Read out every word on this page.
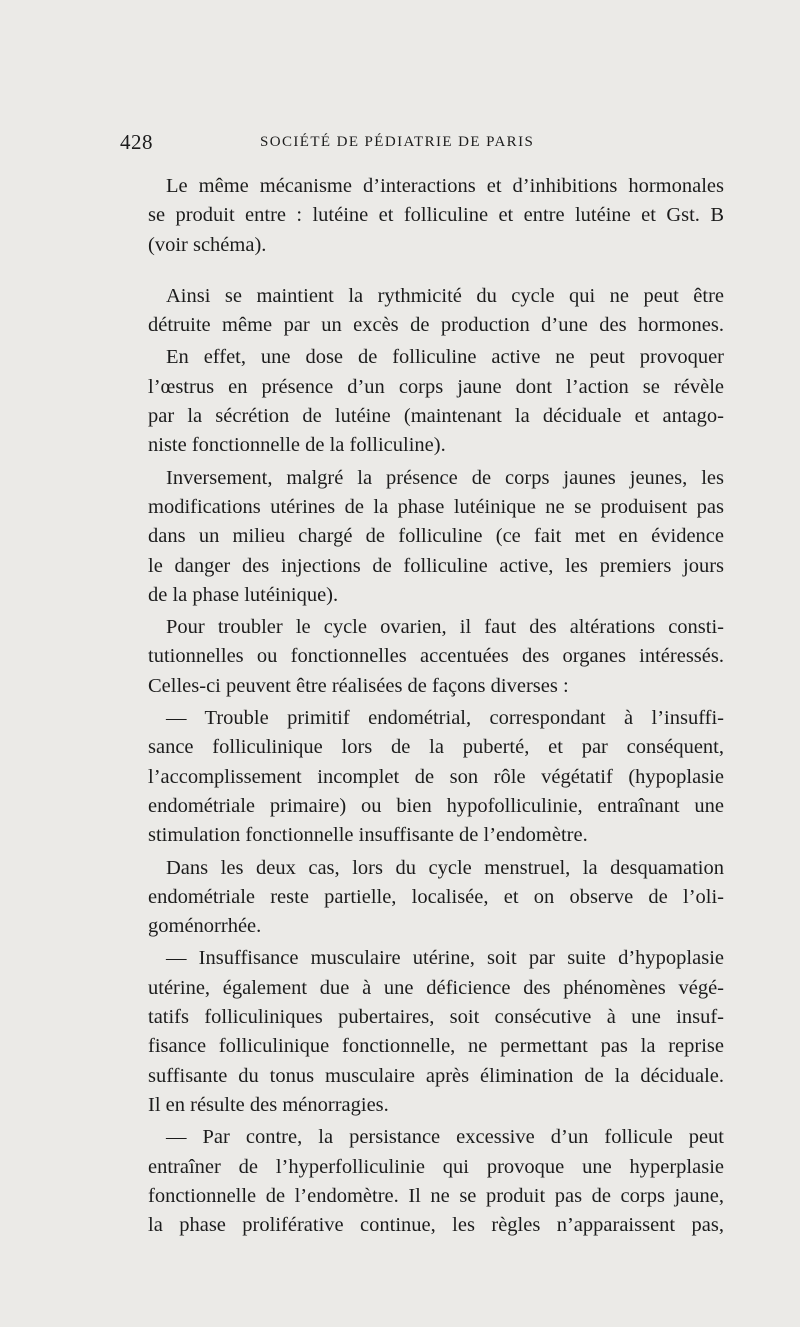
428	SOCIÉTÉ DE PÉDIATRIE DE PARIS

Le même mécanisme d’interactions et d’inhibitions hormonales
se produit entre : lutéine et folliculine et entre lutéine et Gst. B
(voir schéma).

Ainsi se maintient la rythmicité du cycle qui ne peut être
détruite même par un excès de production d’une des hormones.

En effet, une dose de folliculine active ne peut provoquer
l’œstrus en présence d’un corps jaune dont l’action se révèle
par la sécrétion de lutéine (maintenant la déciduale et antago-
niste fonctionnelle de la folliculine).

Inversement, malgré la présence de corps jaunes jeunes, les
modifications utérines de la phase lutéinique ne se produisent pas
dans un milieu chargé de folliculine (ce fait met en évidence
le danger des injections de folliculine active, les premiers jours
de la phase lutéinique).

Pour troubler le cycle ovarien, il faut des altérations consti-
tutionnelles ou fonctionnelles accentuées des organes intéressés.
Celles-ci peuvent être réalisées de façons diverses :

— Trouble primitif endométrial, correspondant à l’insuffi-
sance folliculinique lors de la puberté, et par conséquent,
l’accomplissement incomplet de son rôle végétatif (hypoplasie
endométriale primaire) ou bien hypofolliculinie, entraînant une
stimulation fonctionnelle insuffisante de l’endomètre.

Dans les deux cas, lors du cycle menstruel, la desquamation
endométriale reste partielle, localisée, et on observe de l’oli-
goménorrhée.

— Insuffisance musculaire utérine, soit par suite d’hypoplasie
utérine, également due à une déficience des phénomènes végé-
tatifs folliculiniques pubertaires, soit consécutive à une insuf-
fisance folliculinique fonctionnelle, ne permettant pas la reprise
suffisante du tonus musculaire après élimination de la déciduale.
Il en résulte des ménorragies.

— Par contre, la persistance excessive d’un follicule peut
entraîner de l’hyperfolliculinie qui provoque une hyperplasie
fonctionnelle de l’endomètre. Il ne se produit pas de corps jaune,
la phase proliférative continue, les règles n’apparaissent pas,
